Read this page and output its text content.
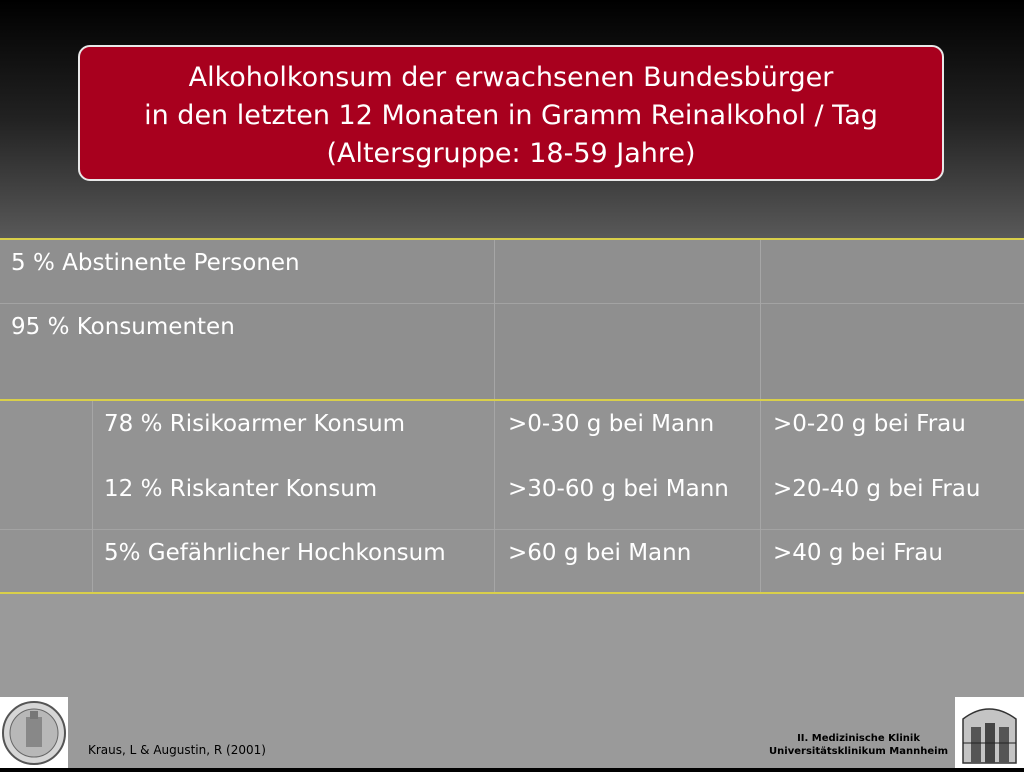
Alkoholkonsum der erwachsenen Bundesbürger
in den letzten 12 Monaten in Gramm Reinalkohol / Tag
(Altersgruppe: 18-59 Jahre)
5 % Abstinente Personen
95 % Konsumenten
78 % Risikoarmer Konsum	>0-30 g bei Mann	>0-20 g bei Frau
12 % Riskanter Konsum	>30-60 g bei Mann >20-40 g bei Frau
5% Gefährlicher Hochkonsum	>60 g bei Mann	>40 g bei Frau
Kraus, L & Augustin, R (2001)
II. Medizinische Klinik
Universitätsklinikum Mannheim
